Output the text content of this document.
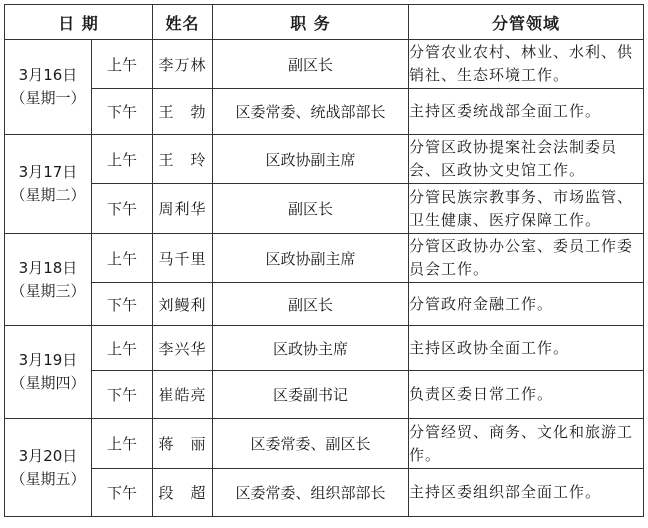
日 期		姓名	职 务	分管领域

3月16日
（星期一）	上午	李万林	副区长	分管农业农村、林业、水利、供销社、生态环境工作。
	下午	王　勃	区委常委、统战部部长	主持区委统战部全面工作。

3月17日
（星期二）	上午	王　玲	区政协副主席	分管区政协提案社会法制委员会、区政协文史馆工作。
	下午	周利华	副区长	分管民族宗教事务、市场监管、卫生健康、医疗保障工作。

3月18日
（星期三）	上午	马千里	区政协副主席	分管区政协办公室、委员工作委员会工作。
	下午	刘鳗利	副区长	分管政府金融工作。

3月19日
（星期四）	上午	李兴华	区政协主席	主持区政协全面工作。
	下午	崔皓亮	区委副书记	负责区委日常工作。

3月20日
（星期五）	上午	蒋　丽	区委常委、副区长	分管经贸、商务、文化和旅游工作。
	下午	段　超	区委常委、组织部部长	主持区委组织部全面工作。
